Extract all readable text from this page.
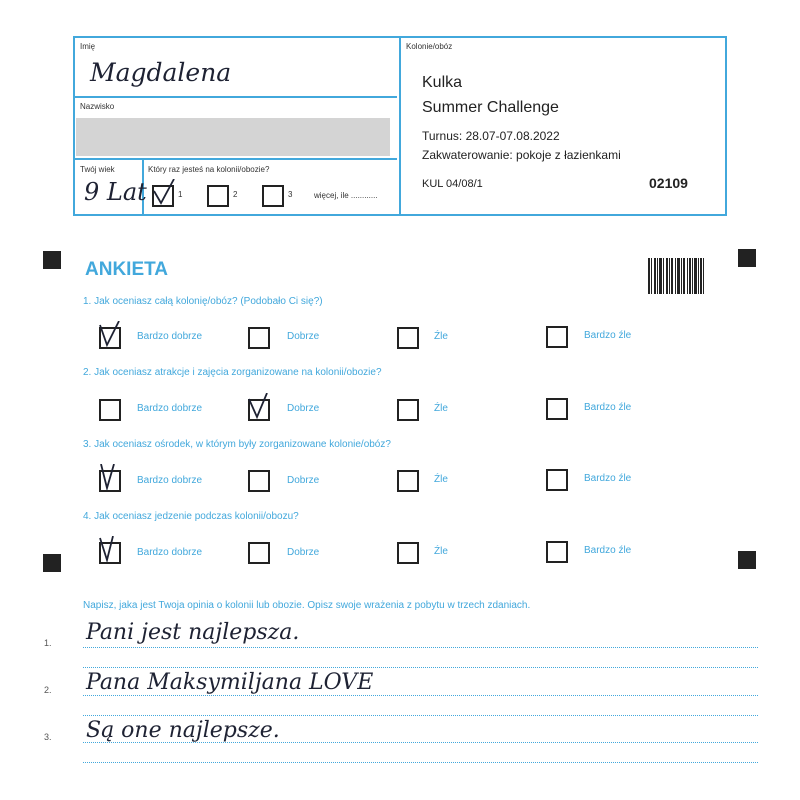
Imię
Magdalena
Nazwisko
Twój wiek
9 Lat
Który raz jesteś na kolonii/obozie?
1	2	3	więcej, ile ............
Kolonie/obóz
Kulka
Summer Challenge
Turnus: 28.07-07.08.2022
Zakwaterowanie: pokoje z łazienkami
KUL 04/08/1	02109
ANKIETA
1. Jak oceniasz całą kolonię/obóz? (Podobało Ci się?)
Bardzo dobrze	Dobrze	Źle	Bardzo źle
2. Jak oceniasz atrakcje i zajęcia zorganizowane na kolonii/obozie?
Bardzo dobrze	Dobrze	Źle	Bardzo źle
3. Jak oceniasz ośrodek, w którym były zorganizowane kolonie/obóz?
Bardzo dobrze	Dobrze	Źle	Bardzo źle
4. Jak oceniasz jedzenie podczas kolonii/obozu?
Bardzo dobrze	Dobrze	Źle	Bardzo źle
Napisz, jaka jest Twoja opinia o kolonii lub obozie. Opisz swoje wrażenia z pobytu w trzech zdaniach.
1. Pani jest najlepsza.
2. Pana Maksymiljana LOVE
3. Są one najlepsze.
